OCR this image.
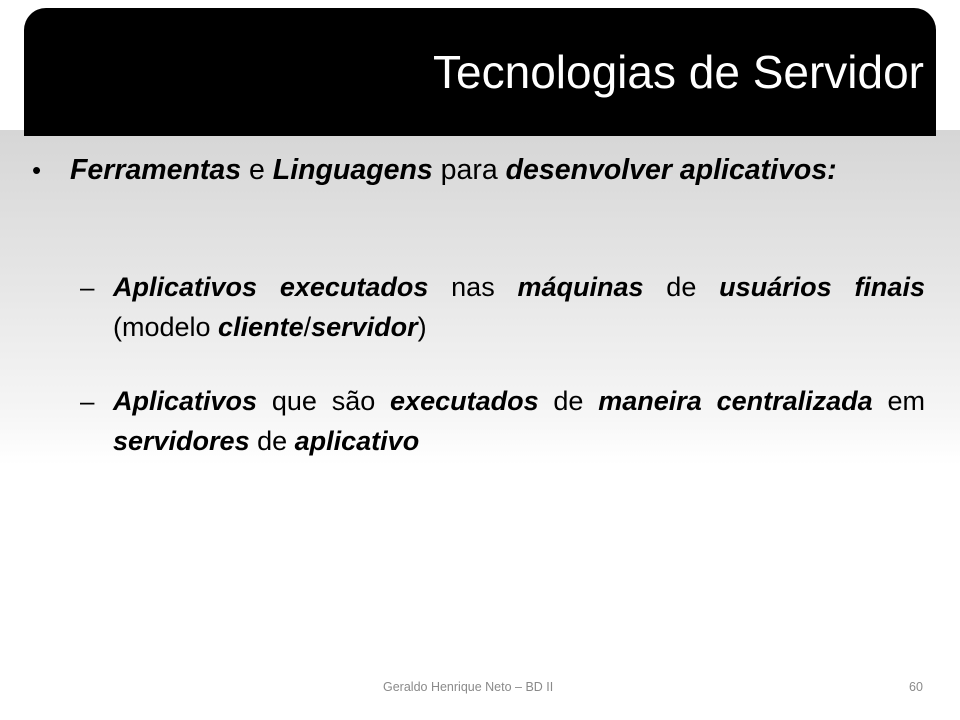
Tecnologias de Servidor
• Ferramentas e Linguagens para desenvolver aplicativos:

– Aplicativos executados nas máquinas de usuários finais (modelo cliente/servidor)

– Aplicativos que são executados de maneira centralizada em servidores de aplicativo

Geraldo Henrique Neto – BD II	60
